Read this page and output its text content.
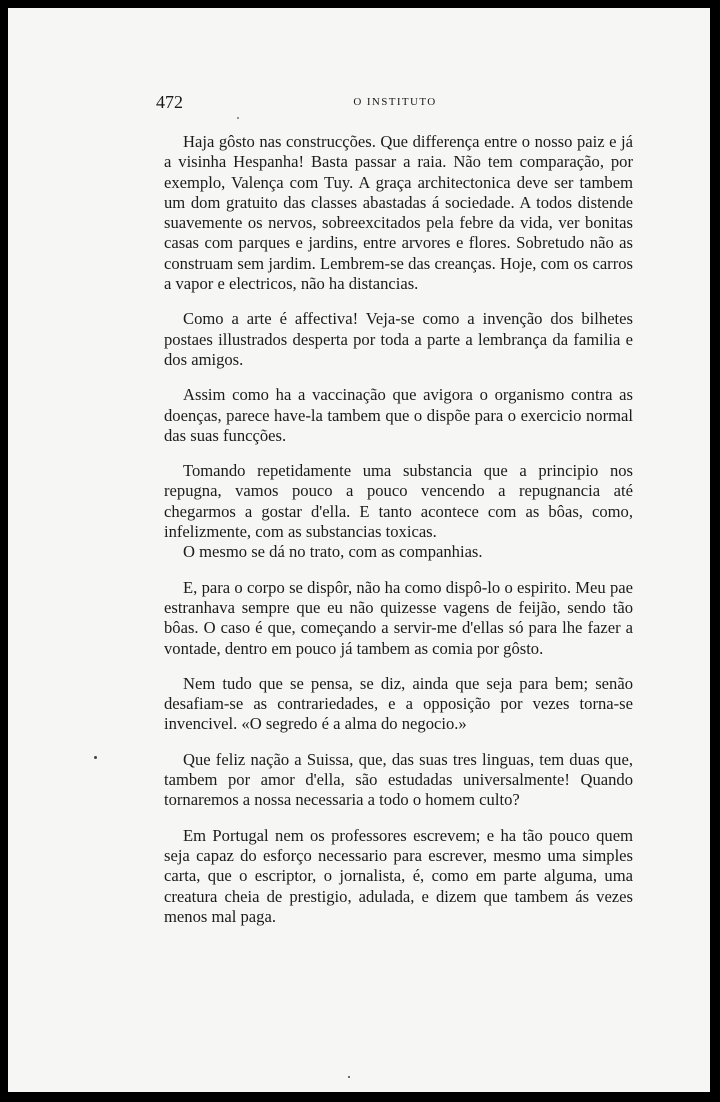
472	O INSTITUTO

Haja gôsto nas construcções. Que differença entre o nosso paiz e já a visinha Hespanha! Basta passar a raia. Não tem comparação, por exemplo, Valença com Tuy. A graça architectonica deve ser tambem um dom gratuito das classes abastadas á sociedade. A todos distende suavemente os nervos, sobreexcitados pela febre da vida, ver bonitas casas com parques e jardins, entre arvores e flores. Sobretudo não as construam sem jardim. Lembrem-se das creanças. Hoje, com os carros a vapor e electricos, não ha distancias.

Como a arte é affectiva! Veja-se como a invenção dos bilhetes postaes illustrados desperta por toda a parte a lembrança da familia e dos amigos.

Assim como ha a vaccinação que avigora o organismo contra as doenças, parece have-la tambem que o dispõe para o exercicio normal das suas funcções.

Tomando repetidamente uma substancia que a principio nos repugna, vamos pouco a pouco vencendo a repugnancia até chegarmos a gostar d'ella. E tanto acontece com as bôas, como, infelizmente, com as substancias toxicas.

O mesmo se dá no trato, com as companhias.

E, para o corpo se dispôr, não ha como dispô-lo o espirito. Meu pae estranhava sempre que eu não quizesse vagens de feijão, sendo tão bôas. O caso é que, começando a servir-me d'ellas só para lhe fazer a vontade, dentro em pouco já tambem as comia por gôsto.

Nem tudo que se pensa, se diz, ainda que seja para bem; senão desafiam-se as contrariedades, e a opposição por vezes torna-se invencivel. «O segredo é a alma do negocio.»

Que feliz nação a Suissa, que, das suas tres linguas, tem duas que, tambem por amor d'ella, são estudadas universalmente! Quando tornaremos a nossa necessaria a todo o homem culto?

Em Portugal nem os professores escrevem; e ha tão pouco quem seja capaz do esforço necessario para escrever, mesmo uma simples carta, que o escriptor, o jornalista, é, como em parte alguma, uma creatura cheia de prestigio, adulada, e dizem que tambem ás vezes menos mal paga.
